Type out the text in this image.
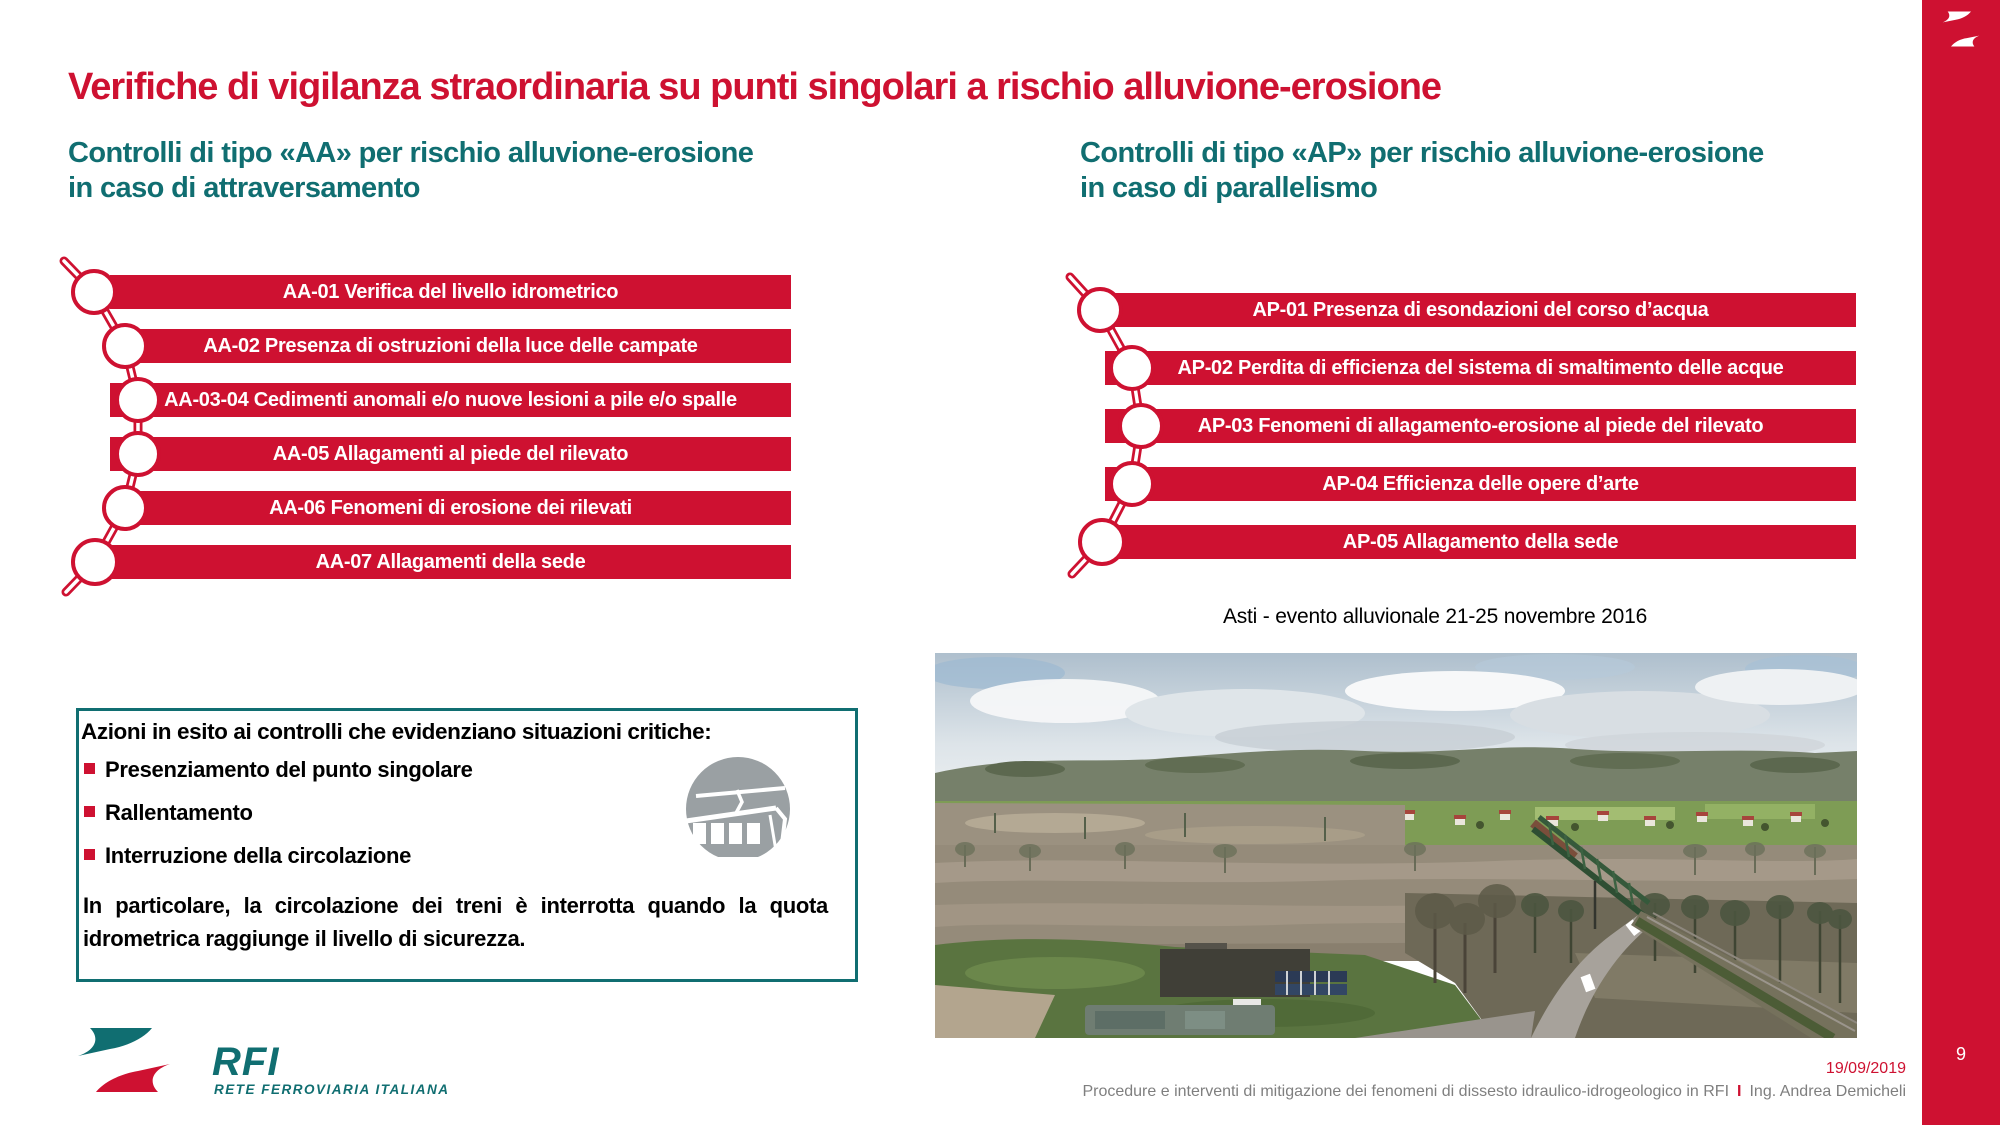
Verifiche di vigilanza straordinaria su punti singolari a rischio alluvione-erosione
Controlli di tipo «AA» per rischio alluvione-erosione
in caso di attraversamento
Controlli di tipo «AP» per rischio alluvione-erosione
in caso di parallelismo
AA-01 Verifica del livello idrometrico
AA-02 Presenza di ostruzioni della luce delle campate
AA-03-04 Cedimenti anomali e/o nuove lesioni a pile e/o spalle
AA-05 Allagamenti al piede del rilevato
AA-06 Fenomeni di erosione dei rilevati
AA-07 Allagamenti della sede
AP-01 Presenza di esondazioni del corso d’acqua
AP-02 Perdita di efficienza del sistema di smaltimento delle acque
AP-03 Fenomeni di allagamento-erosione al piede del rilevato
AP-04 Efficienza delle opere d’arte
AP-05 Allagamento della sede
Asti - evento alluvionale 21-25 novembre 2016
Azioni in esito ai controlli che evidenziano situazioni critiche:
Presenziamento del punto singolare
Rallentamento
Interruzione della circolazione
In particolare, la circolazione dei treni è interrotta quando la quota idrometrica raggiunge il livello di sicurezza.
RFI
RETE FERROVIARIA ITALIANA
19/09/2019
Procedure e interventi di mitigazione dei fenomeni di dissesto idraulico-idrogeologico in RFI I Ing. Andrea Demicheli
9
